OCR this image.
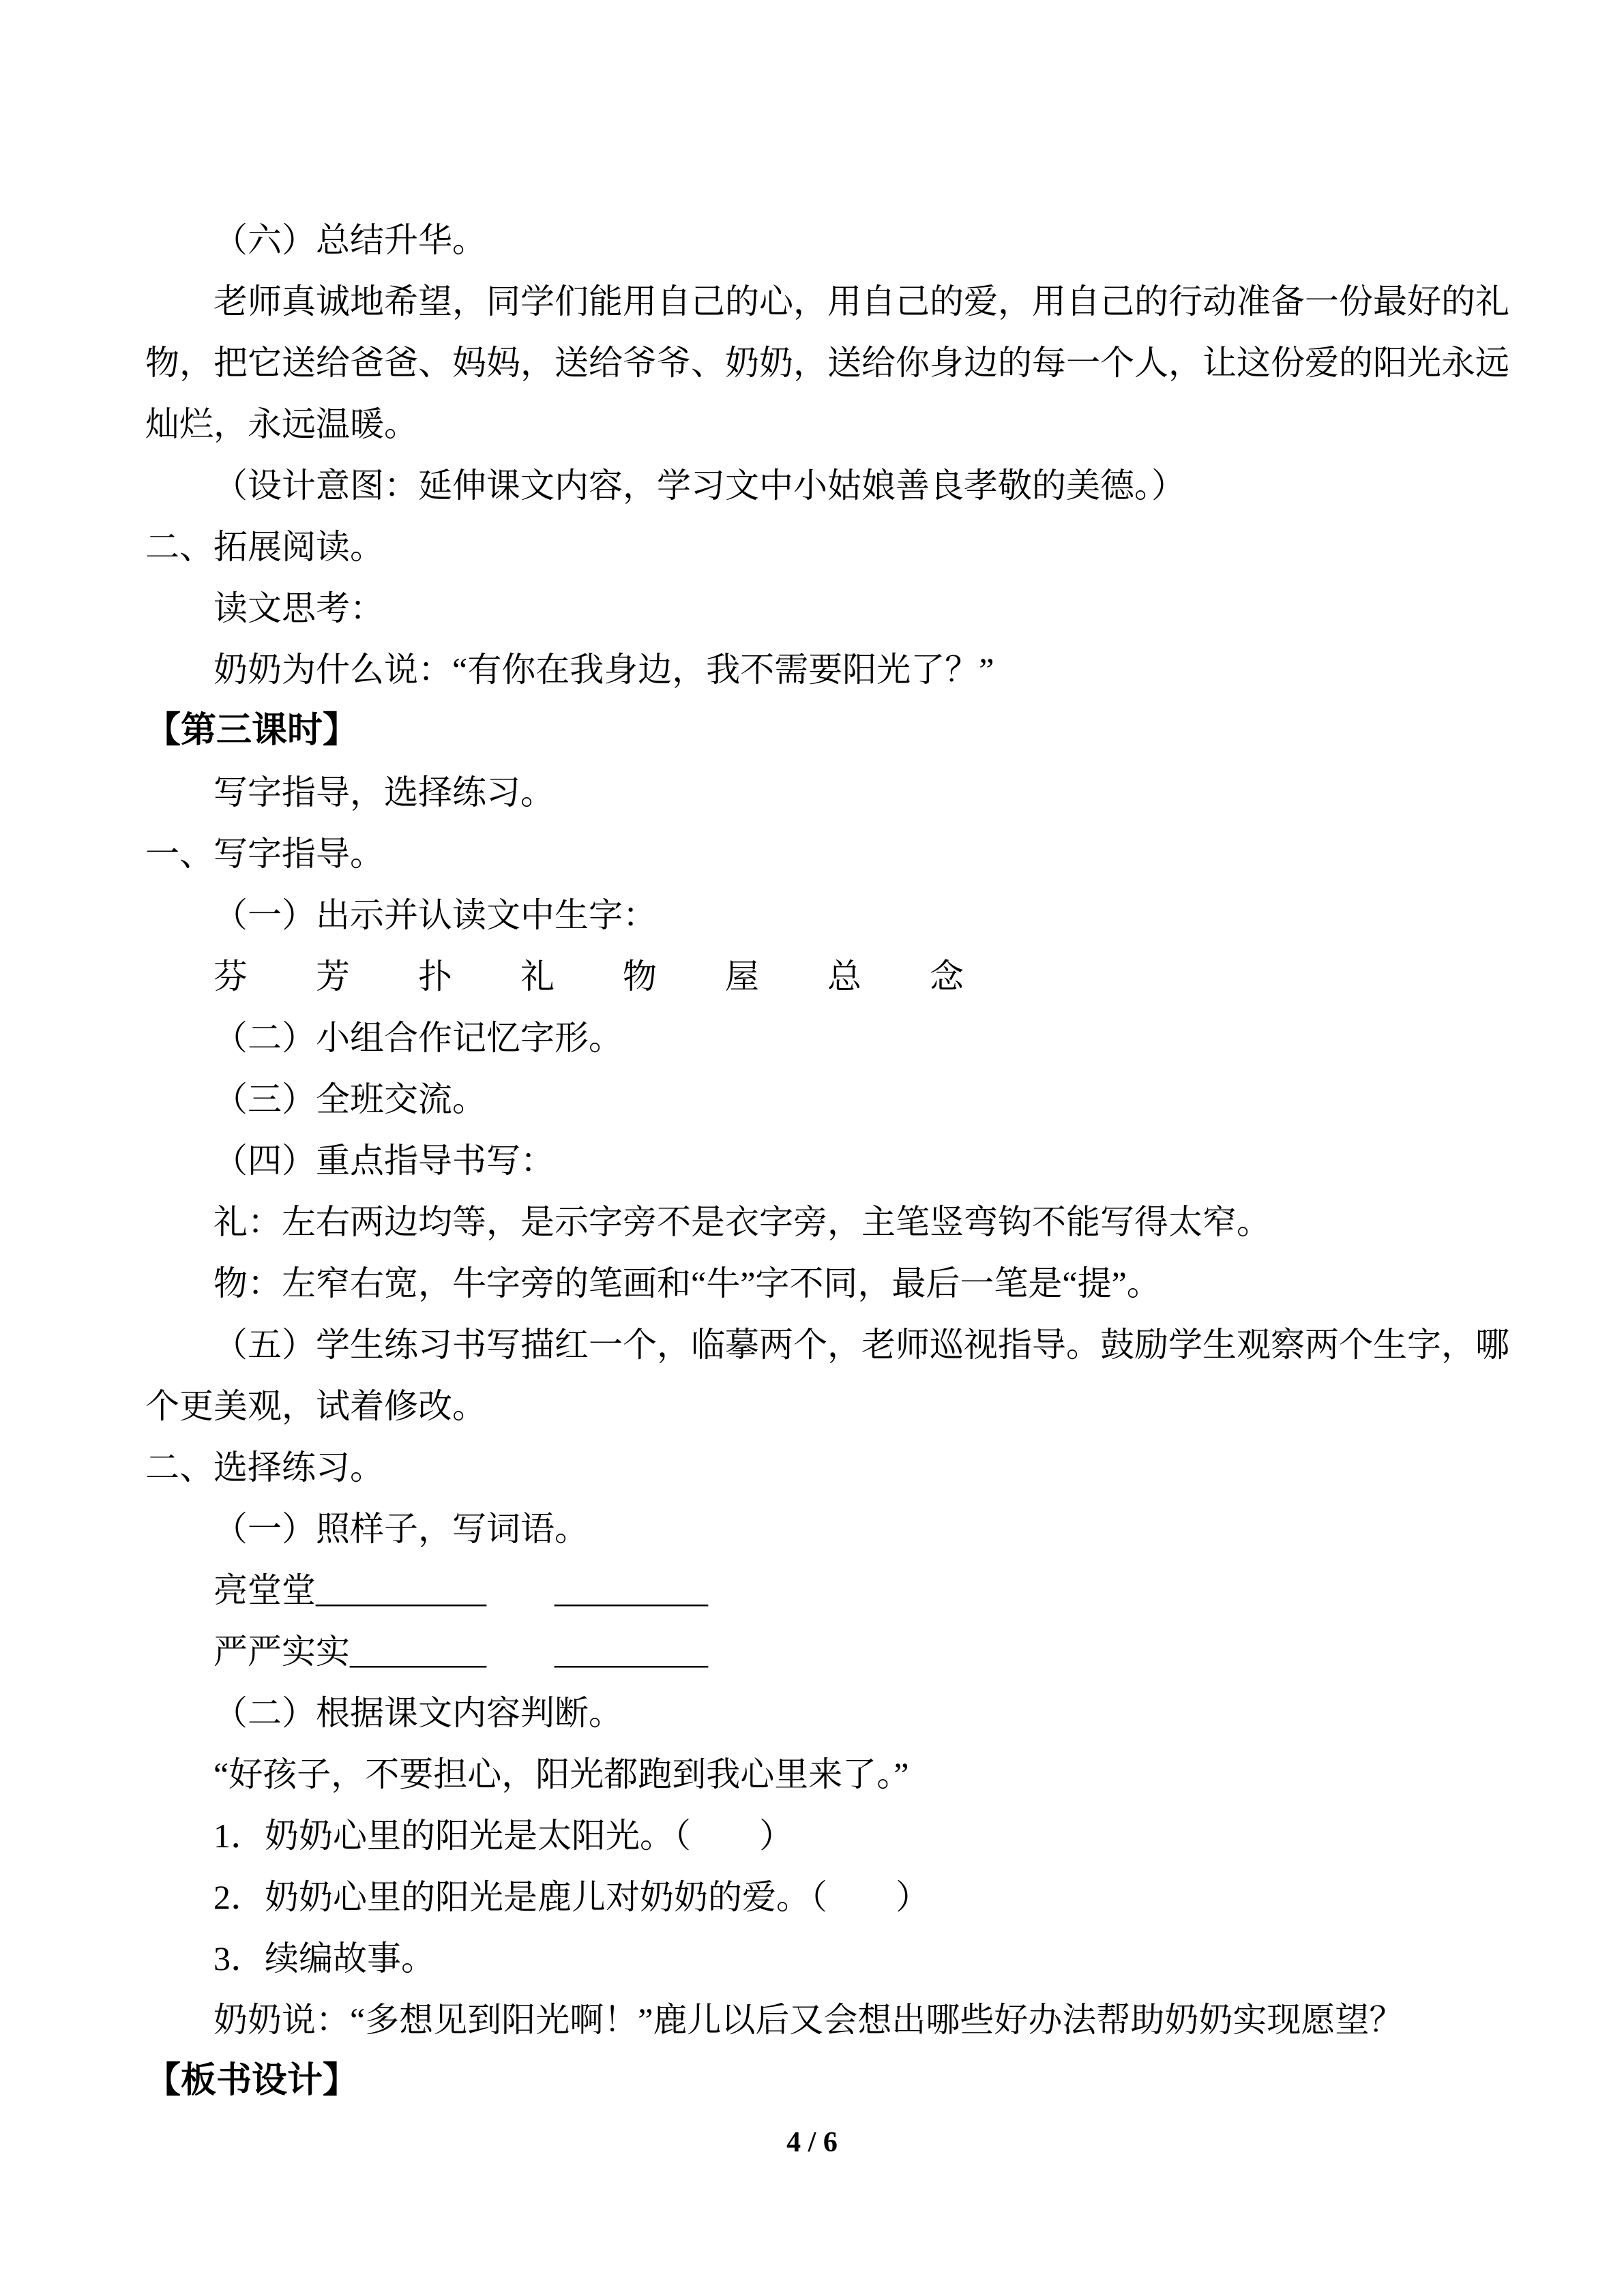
（六）总结升华。
老师真诚地希望，同学们能用自己的心，用自己的爱，用自己的行动准备一份最好的礼
物，把它送给爸爸、妈妈，送给爷爷、奶奶，送给你身边的每一个人，让这份爱的阳光永远
灿烂，永远温暖。
（设计意图：延伸课文内容，学习文中小姑娘善良孝敬的美德。）
二、拓展阅读。
读文思考：
奶奶为什么说：“有你在我身边，我不需要阳光了？”
【第三课时】
写字指导，选择练习。
一、写字指导。
（一）出示并认读文中生字：
芬　　芳　　扑　　礼　　物　　屋　　总　　念
（二）小组合作记忆字形。
（三）全班交流。
（四）重点指导书写：
礼：左右两边均等，是示字旁不是衣字旁，主笔竖弯钩不能写得太窄。
物：左窄右宽，牛字旁的笔画和“牛”字不同，最后一笔是“提”。
（五）学生练习书写描红一个，临摹两个，老师巡视指导。鼓励学生观察两个生字，哪
个更美观，试着修改。
二、选择练习。
（一）照样子，写词语。
亮堂堂__________　　_________
严严实实________　　_________
（二）根据课文内容判断。
“好孩子，不要担心，阳光都跑到我心里来了。”
1．奶奶心里的阳光是太阳光。（　　）
2．奶奶心里的阳光是鹿儿对奶奶的爱。（　　）
3．续编故事。
奶奶说：“多想见到阳光啊！”鹿儿以后又会想出哪些好办法帮助奶奶实现愿望？
【板书设计】
4 / 6
